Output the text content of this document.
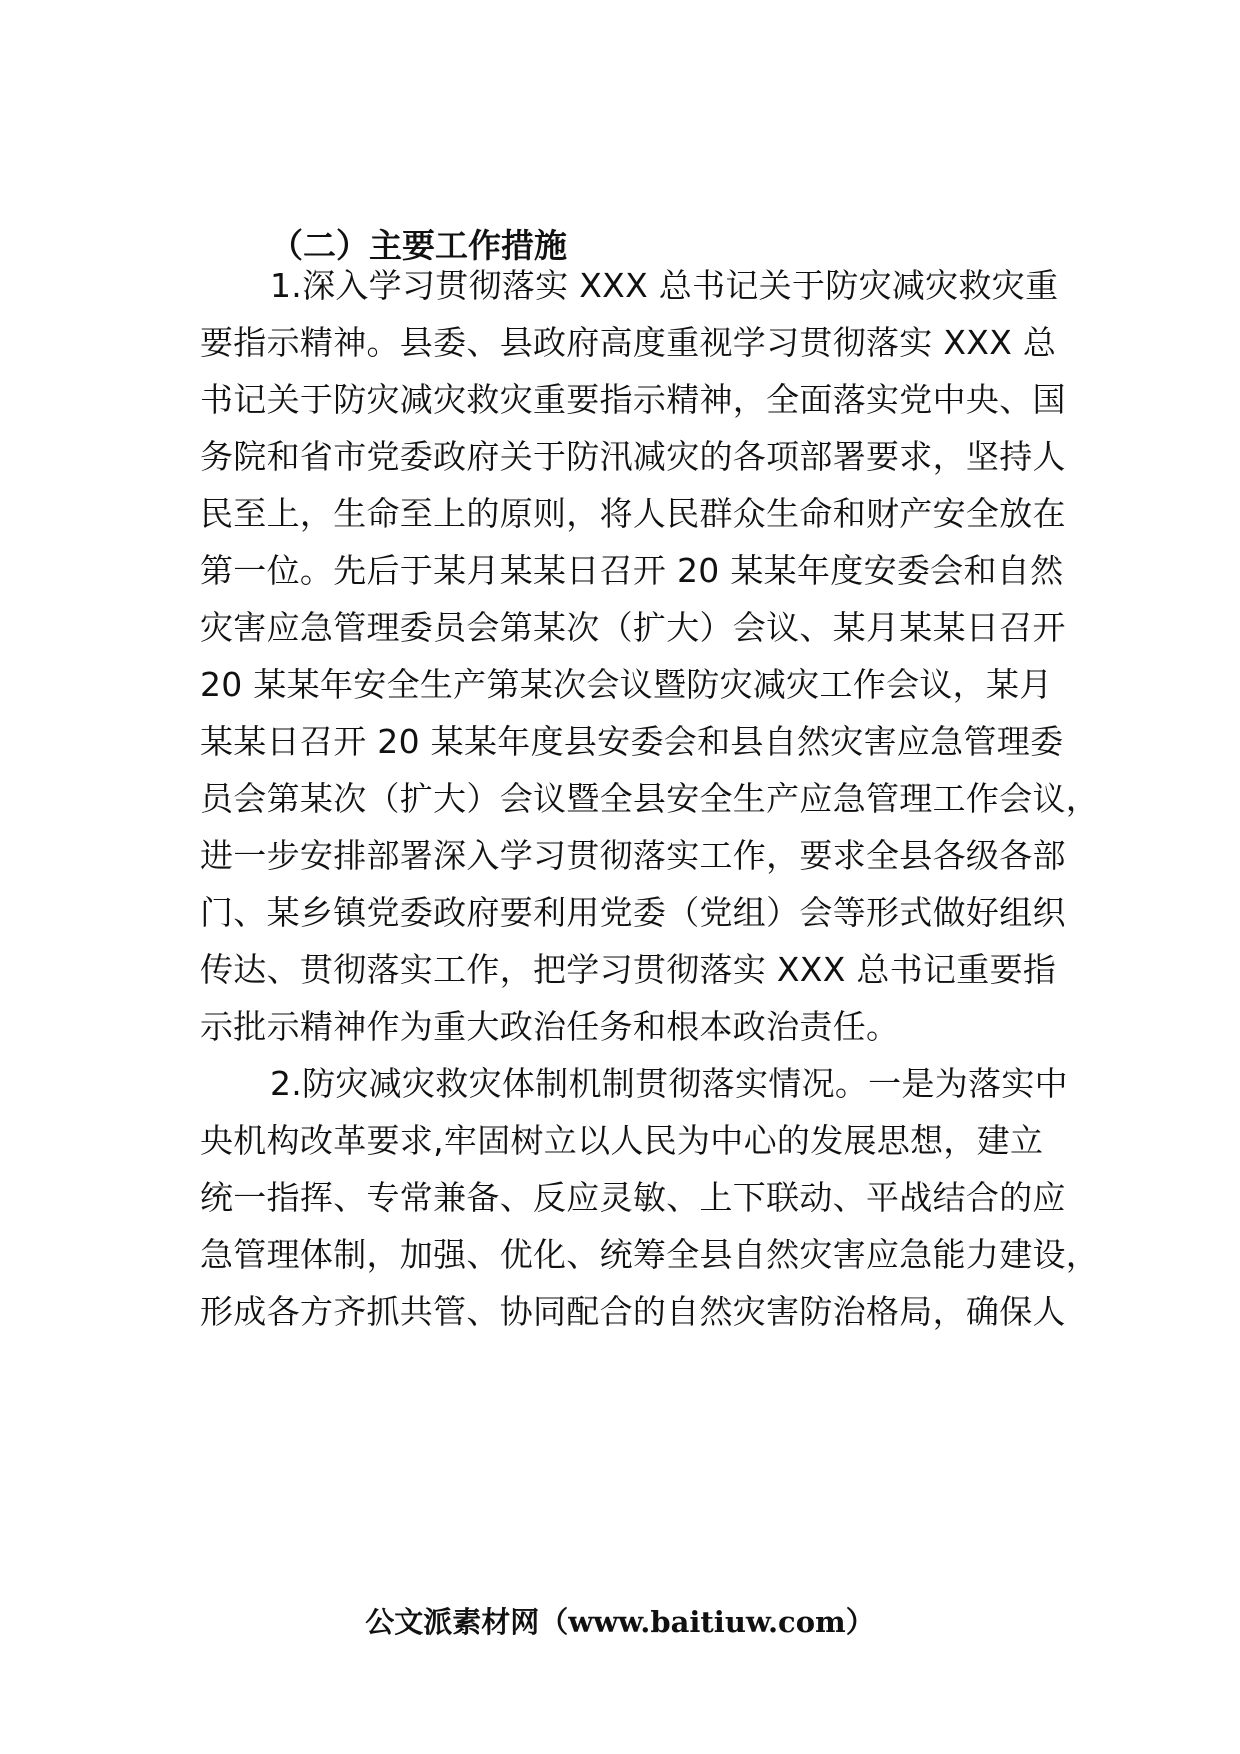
（二）主要工作措施
1.深入学习贯彻落实 XXX 总书记关于防灾减灾救灾重
要指示精神。县委、县政府高度重视学习贯彻落实 XXX 总
书记关于防灾减灾救灾重要指示精神，全面落实党中央、国
务院和省市党委政府关于防汛减灾的各项部署要求，坚持人
民至上，生命至上的原则，将人民群众生命和财产安全放在
第一位。先后于某月某某日召开 20 某某年度安委会和自然
灾害应急管理委员会第某次（扩大）会议、某月某某日召开
20 某某年安全生产第某次会议暨防灾减灾工作会议，某月
某某日召开 20 某某年度县安委会和县自然灾害应急管理委
员会第某次（扩大）会议暨全县安全生产应急管理工作会议，
进一步安排部署深入学习贯彻落实工作，要求全县各级各部
门、某乡镇党委政府要利用党委（党组）会等形式做好组织
传达、贯彻落实工作，把学习贯彻落实 XXX 总书记重要指
示批示精神作为重大政治任务和根本政治责任。
2.防灾减灾救灾体制机制贯彻落实情况。一是为落实中
央机构改革要求,牢固树立以人民为中心的发展思想，建立
统一指挥、专常兼备、反应灵敏、上下联动、平战结合的应
急管理体制，加强、优化、统筹全县自然灾害应急能力建设，
形成各方齐抓共管、协同配合的自然灾害防治格局，确保人
公文派素材网（www.baitiuw.com）
